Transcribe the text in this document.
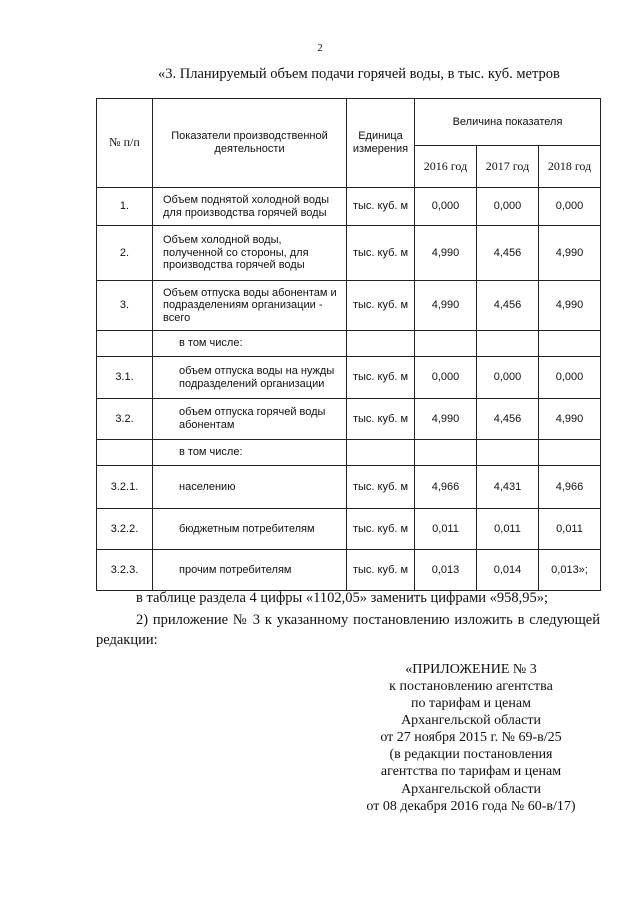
2
«3. Планируемый объем подачи горячей воды, в тыс. куб. метров
№ п/п	Показатели производственной деятельности	Единица измерения	Величина показателя		
			2016 год	2017 год	2018 год
1.	Объем поднятой холодной воды для производства горячей воды	тыс. куб. м	0,000	0,000	0,000
2.	Объем холодной воды, полученной со стороны, для производства горячей воды	тыс. куб. м	4,990	4,456	4,990
3.	Объем отпуска воды абонентам и подразделениям организации - всего	тыс. куб. м	4,990	4,456	4,990
	в том числе:				
3.1.	объем отпуска воды на нужды подразделений организации	тыс. куб. м	0,000	0,000	0,000
3.2.	объем отпуска горячей воды абонентам	тыс. куб. м	4,990	4,456	4,990
	в том числе:				
3.2.1.	населению	тыс. куб. м	4,966	4,431	4,966
3.2.2.	бюджетным потребителям	тыс. куб. м	0,011	0,011	0,011
3.2.3.	прочим потребителям	тыс. куб. м	0,013	0,014	0,013»;
в таблице раздела 4 цифры «1102,05» заменить цифрами «958,95»;
2) приложение № 3 к указанному постановлению изложить в следующей редакции:
«ПРИЛОЖЕНИЕ № 3
к постановлению агентства
по тарифам и ценам
Архангельской области
от 27 ноября 2015 г. № 69-в/25
(в редакции постановления
агентства по тарифам и ценам
Архангельской области
от 08 декабря 2016 года № 60-в/17)
